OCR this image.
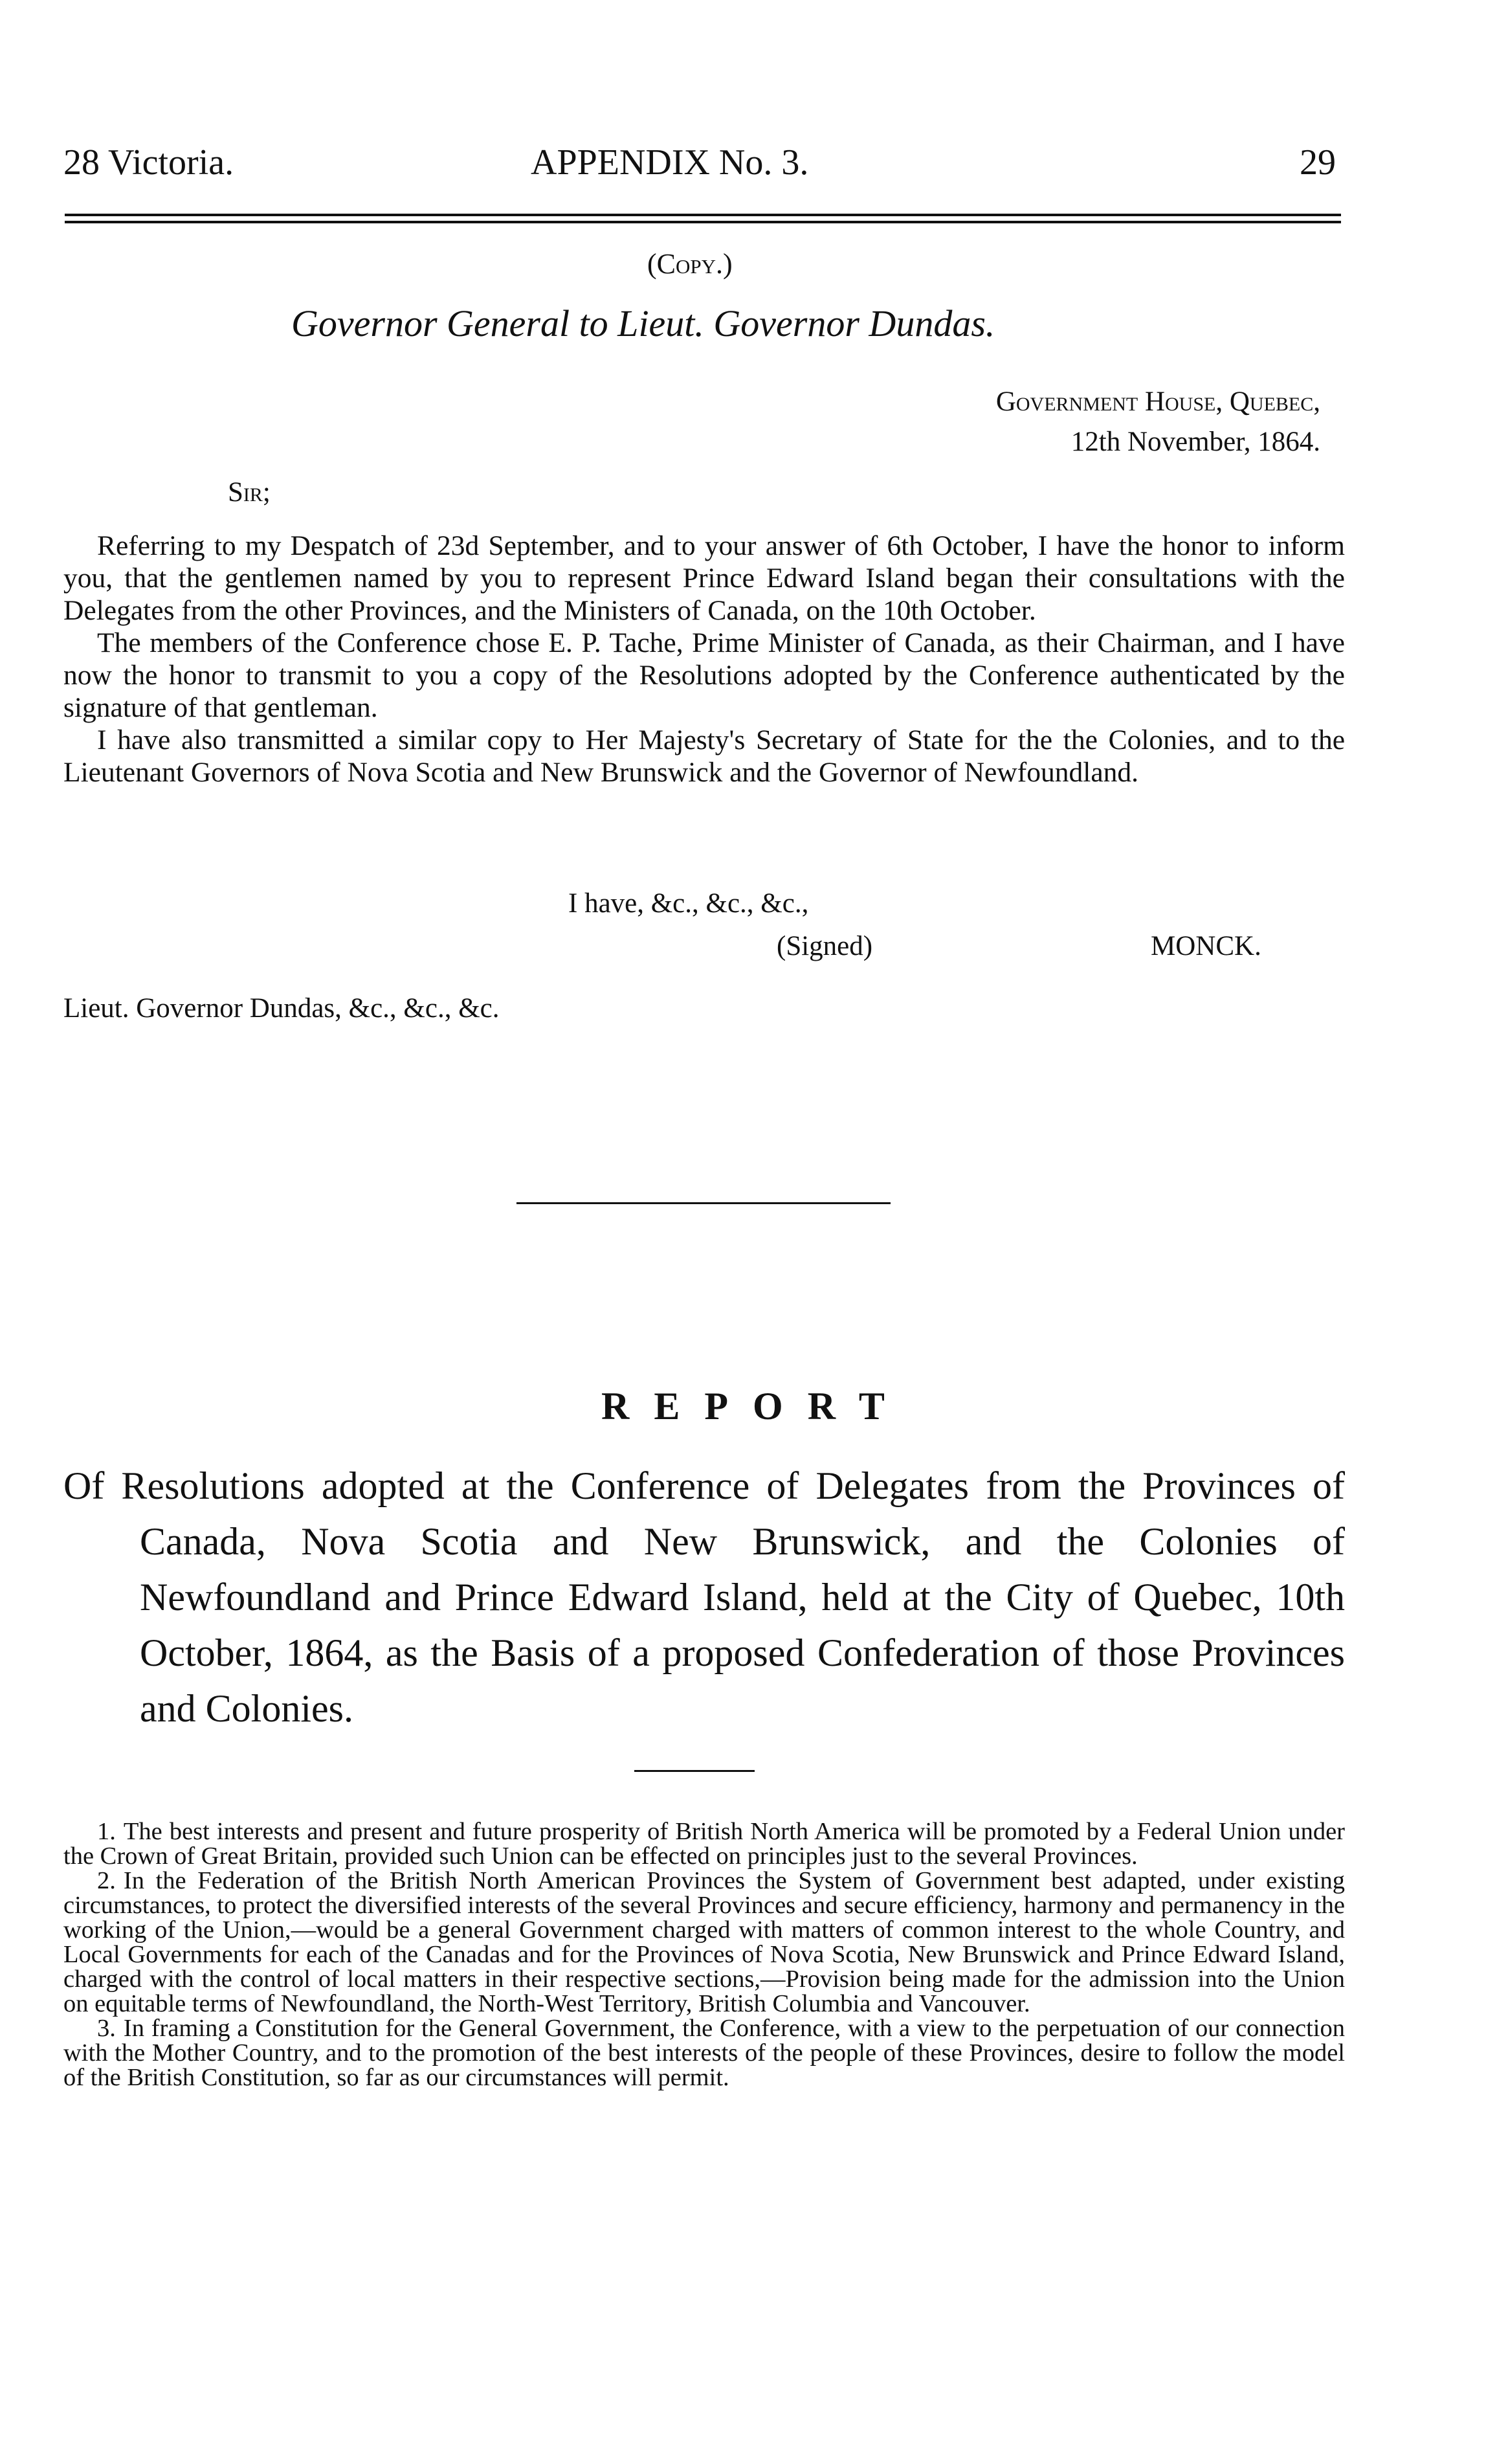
28 Victoria.	APPENDIX No. 3.	29
(Copy.)
Governor General to Lieut. Governor Dundas.
Government House, Quebec,
12th November, 1864.
Sir;

Referring to my Despatch of 23d September, and to your answer of 6th October, I have the honor to inform you, that the gentlemen named by you to represent Prince Edward Island began their consultations with the Delegates from the other Provinces, and the Ministers of Canada, on the 10th October.

The members of the Conference chose E. P. Tache, Prime Minister of Canada, as their Chairman, and I have now the honor to transmit to you a copy of the Resolutions adopted by the Conference authenticated by the signature of that gentleman.

I have also transmitted a similar copy to Her Majesty's Secretary of State for the the Colonies, and to the Lieutenant Governors of Nova Scotia and New Brunswick and the Governor of Newfoundland.

I have, &c., &c., &c.,
(Signed)	MONCK.
Lieut. Governor Dundas, &c., &c., &c.
REPORT

Of Resolutions adopted at the Conference of Delegates from the Provinces of Canada, Nova Scotia and New Brunswick, and the Colonies of Newfoundland and Prince Edward Island, held at the City of Quebec, 10th October, 1864, as the Basis of a proposed Confederation of those Provinces and Colonies.

1. The best interests and present and future prosperity of British North America will be promoted by a Federal Union under the Crown of Great Britain, provided such Union can be effected on principles just to the several Provinces.

2. In the Federation of the British North American Provinces the System of Government best adapted, under existing circumstances, to protect the diversified interests of the several Provinces and secure efficiency, harmony and permanency in the working of the Union,—would be a general Government charged with matters of common interest to the whole Country, and Local Governments for each of the Canadas and for the Provinces of Nova Scotia, New Brunswick and Prince Edward Island, charged with the control of local matters in their respective sections,—Provision being made for the admission into the Union on equitable terms of Newfoundland, the North-West Territory, British Columbia and Vancouver.

3. In framing a Constitution for the General Government, the Conference, with a view to the perpetuation of our connection with the Mother Country, and to the promotion of the best interests of the people of these Provinces, desire to follow the model of the British Constitution, so far as our circumstances will permit.
